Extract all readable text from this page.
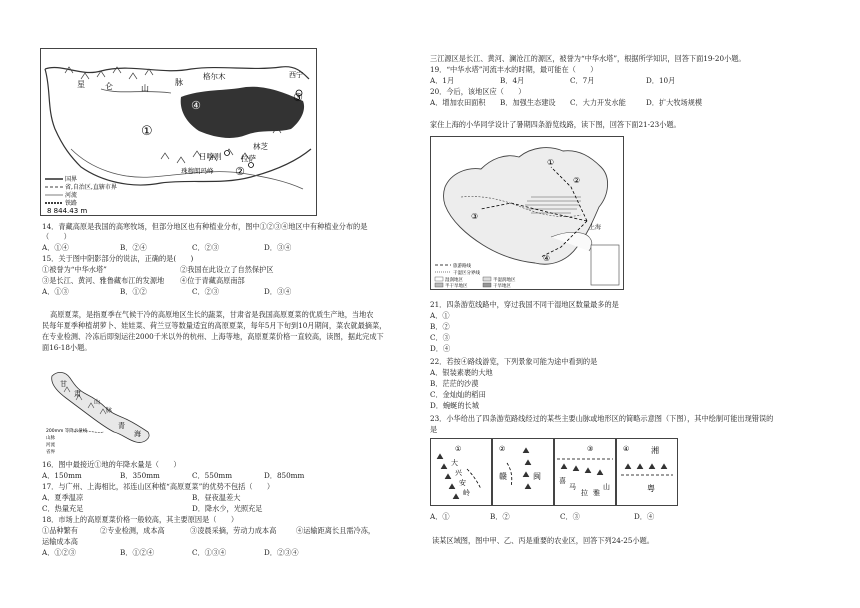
星	仑	山
脉
格尔木	西宁
日喀则	拉萨
林芝
珠穆朗玛峰
①
②
③
④
国界
省,自治区,直辖市界
河流
铁路
8 844.43 m
14．青藏高原是我国的高寒牧场，但部分地区也有种植业分布，图中①②③④地区中有种植业分布的是
（　　）
A．①④	B．②④	C．②③	D．③④
15．关于图中阴影部分的说法，正确的是(　　)
①被誉为“中华水塔”	②我国在此设立了自然保护区
③是长江、黄河、雅鲁藏布江的发源地 ④位于青藏高原南部
A．①③	B．①②	C．②③	D．③④
高原夏菜，是指夏季在气候干冷的高原地区生长的蔬菜，甘肃省是我国高原夏菜的优质生产地，当地农
民每年夏季种植胡萝卜、娃娃菜、荷兰豆等数量适宜的高原夏菜，每年5月下旬到10月期间，菜农就最摘菜，
在专业检测、冷冻后即刻运往2000千米以外的杭州、上海等地，高原夏菜价格一直较高，读图，据此完成下
面16-18小题。
甘
肃
山
脉
青
海
200mm 等降水量线
山脉
河流
省界
16．图中最接近①地的年降水量是（　　）
A．150mm	B．350mm	C．550mm	D．850mm
17．与广州、上海相比，祁连山区种植“高原夏菜”的优势不包括（　　）
A．夏季温凉	B．昼夜温差大
C．热量充足	D．降水少，光照充足
18．市场上的高原夏菜价格一般较高，其主要原因是（　　）
①品种繁有	②专业检测，成本高	③凌晨采摘，劳动力成本高	④运输距离长且需冷冻，
运输成本高
A．①②③	B．①②④	C．①③④	D．②③④
三江源区是长江、黄河、澜沧江的源区，被誉为“中华水塔”，根据所学知识，回答下面19-20小题。
19．“中华水塔”河流丰水的时期，最可能在（　　）
A．1月	B．4月	C．7月	D．10月
20．今后，该地区应（　　）
A．增加农田面积 B．加强生态建设 C．大力开发水能	D．扩大牧场规模
家住上海的小华同学设计了暑期四条游览线路，读下图，回答下面21-23小题。
上海
①
②
③
④
旅游路线
干湿区分界线
湿润地区	半湿润地区
半干旱地区	干旱地区
21．四条游览线路中，穿过我国不同干湿地区数量最多的是
A．①
B．②
C．③
D．④
22．若按④路线游览，下列景象可能为途中看到的是
A．银装素裹的大地
B．茫茫的沙漠
C．金灿灿的稻田
D．蜿蜒的长城
23．小华给出了四条游览路线经过的某些主要山脉或地形区的简略示意图（下图），其中绘制可能出现错误的
是
①
大
兴
安
岭
②
赣	闽
③
喜
马
拉 雅
山
④	湘
粤
A．①	B．②	C．③	D．④
读某区域图，图中甲、乙、丙是重要的农业区，回答下列24-25小题。
